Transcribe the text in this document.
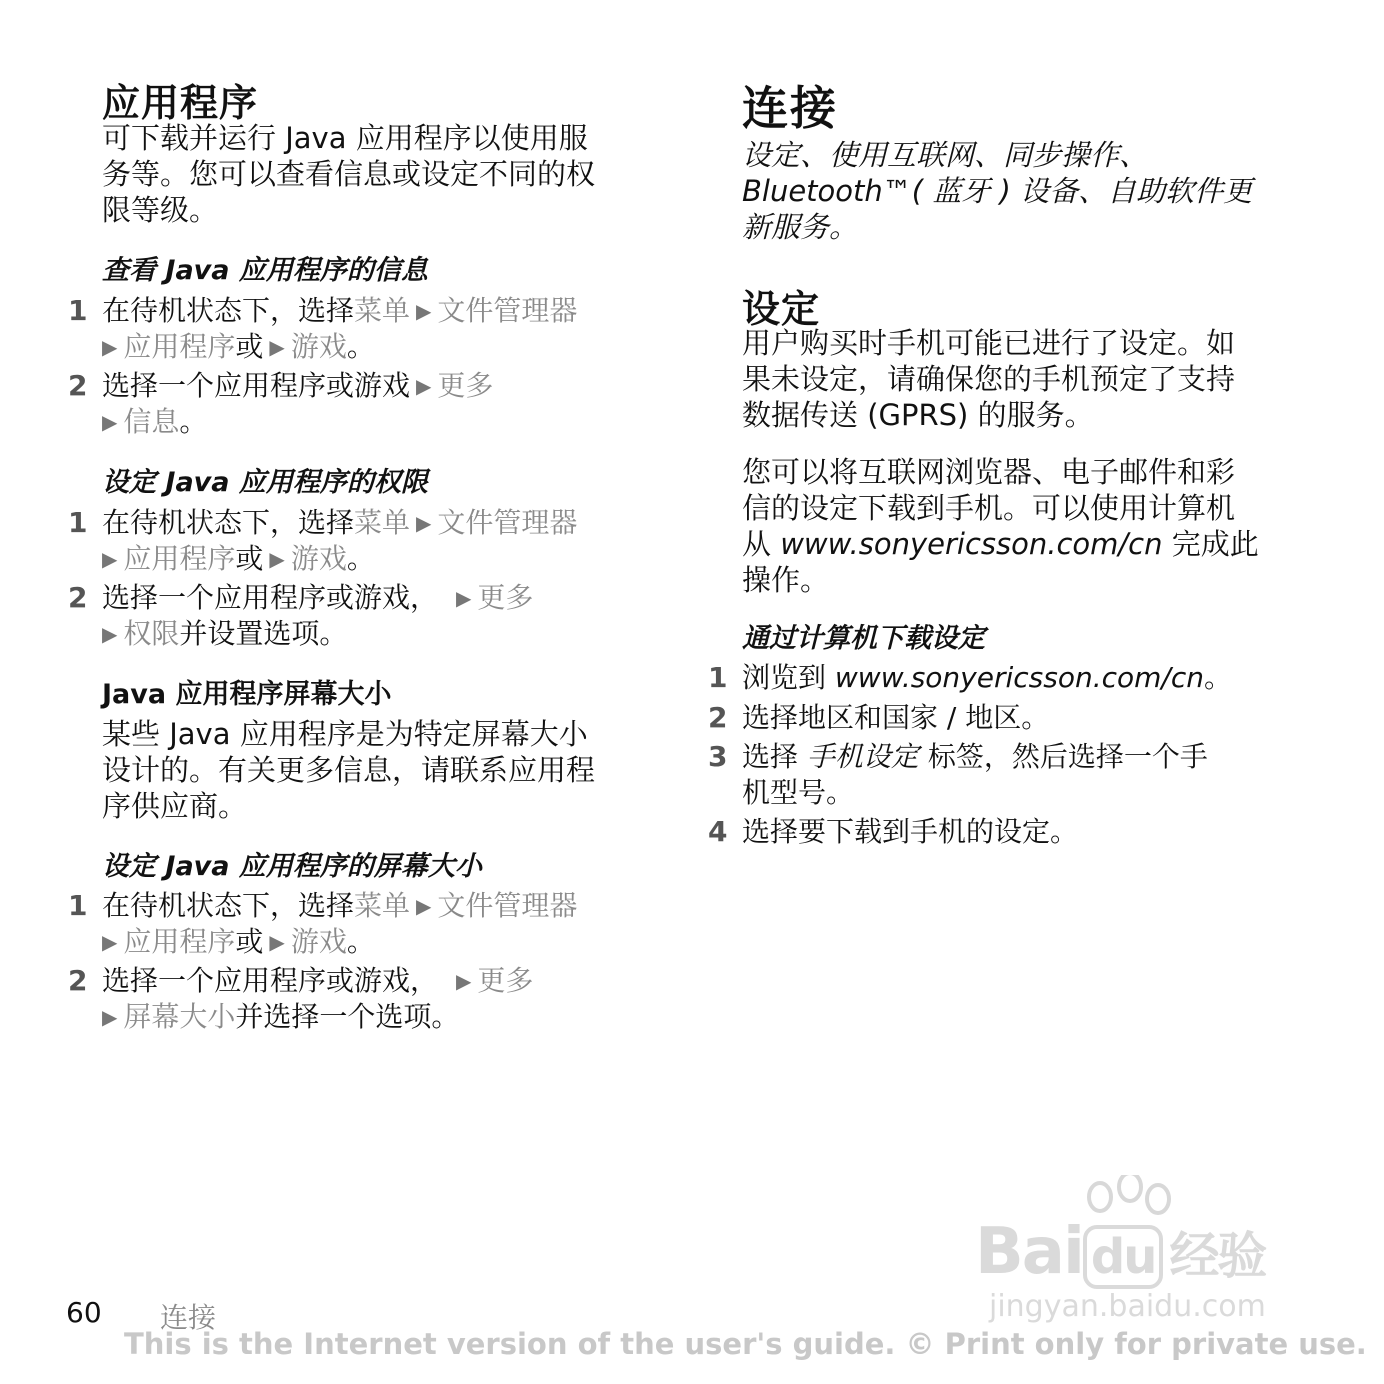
应用程序
可下载并运行 Java 应用程序以使用服
务等。您可以查看信息或设定不同的权
限等级。
查看 Java 应用程序的信息
1 在待机状态下，选择菜单 ▶ 文件管理器
▶ 应用程序或 ▶ 游戏。
2 选择一个应用程序或游戏 ▶ 更多
▶ 信息。
设定 Java 应用程序的权限
1 在待机状态下，选择菜单 ▶ 文件管理器
▶ 应用程序或 ▶ 游戏。
2 选择一个应用程序或游戏， ▶ 更多
▶ 权限并设置选项。
Java 应用程序屏幕大小
某些 Java 应用程序是为特定屏幕大小
设计的。有关更多信息，请联系应用程
序供应商。
设定 Java 应用程序的屏幕大小
1 在待机状态下，选择菜单 ▶ 文件管理器
▶ 应用程序或 ▶ 游戏。
2 选择一个应用程序或游戏， ▶ 更多
▶ 屏幕大小并选择一个选项。
连接
设定、使用互联网、同步操作、
Bluetooth™( 蓝牙 ) 设备、自助软件更
新服务。
设定
用户购买时手机可能已进行了设定。如
果未设定，请确保您的手机预定了支持
数据传送 (GPRS) 的服务。
您可以将互联网浏览器、电子邮件和彩
信的设定下载到手机。可以使用计算机
从 www.sonyericsson.com/cn 完成此
操作。
通过计算机下载设定
1 浏览到 www.sonyericsson.com/cn。
2 选择地区和国家 / 地区。
3 选择 手机设定 标签，然后选择一个手
机型号。
4 选择要下载到手机的设定。
Bai du 经验
jingyan.baidu.com
60 连接
This is the Internet version of the user's guide. © Print only for private use.
